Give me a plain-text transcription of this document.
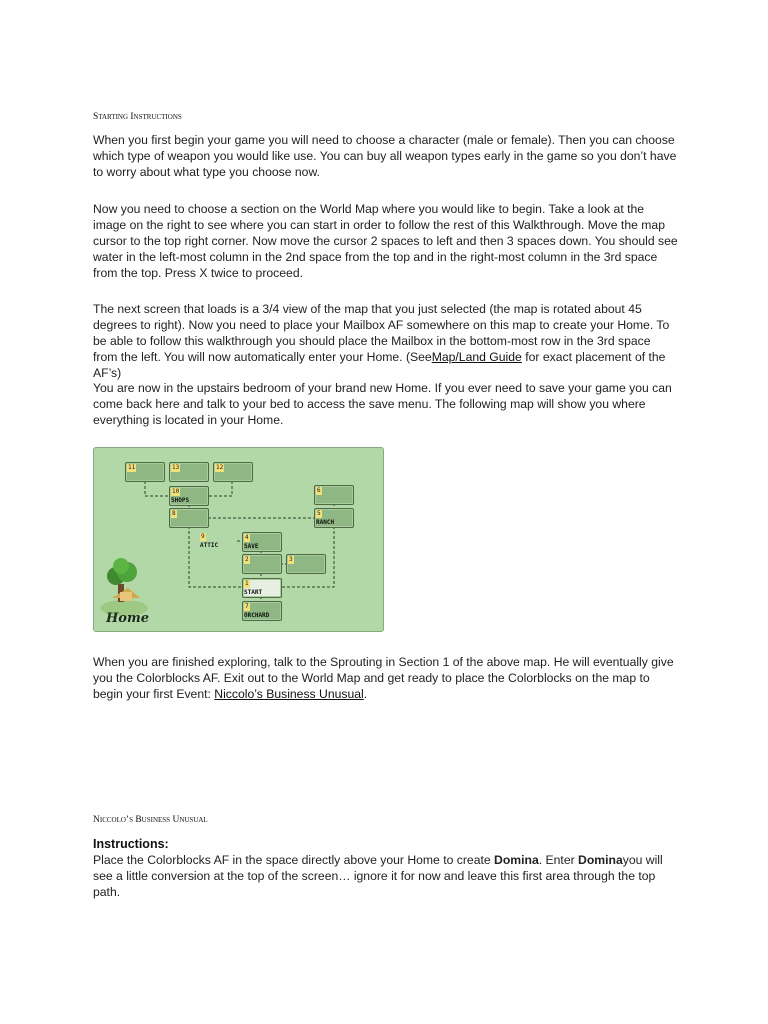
Starting Instructions
When you first begin your game you will need to choose a character (male or female). Then you can choose which type of weapon you would like use. You can buy all weapon types early in the game so you don’t have to worry about what type you choose now.
Now you need to choose a section on the World Map where you would like to begin. Take a look at the image on the right to see where you can start in order to follow the rest of this Walkthrough. Move the map cursor to the top right corner. Now move the cursor 2 spaces to left and then 3 spaces down. You should see water in the left-most column in the 2nd space from the top and in the right-most column in the 3rd space from the top. Press X twice to proceed.
The next screen that loads is a 3/4 view of the map that you just selected (the map is rotated about 45 degrees to right). Now you need to place your Mailbox AF somewhere on this map to create your Home. To be able to follow this walkthrough you should place the Mailbox in the bottom-most row in the 3rd space from the left. You will now automatically enter your Home. (SeeMap/Land Guide for exact placement of the AF’s)
You are now in the upstairs bedroom of your brand new Home. If you ever need to save your game you can come back here and talk to your bed to access the save menu. The following map will show you where everything is located in your Home.
11	13	12
10
SHOPS
6
8	5
RANCH
9
ATTIC
4
SAVE
2	3
1
START
7
ORCHARD
Home
When you are finished exploring, talk to the Sprouting in Section 1 of the above map. He will eventually give you the Colorblocks AF. Exit out to the World Map and get ready to place the Colorblocks on the map to begin your first Event: Niccolo’s Business Unusual.
Niccolo’s Business Unusual
Instructions:
Place the Colorblocks AF in the space directly above your Home to create Domina. Enter Dominayou will see a little conversion at the top of the screen… ignore it for now and leave this first area through the top path.
